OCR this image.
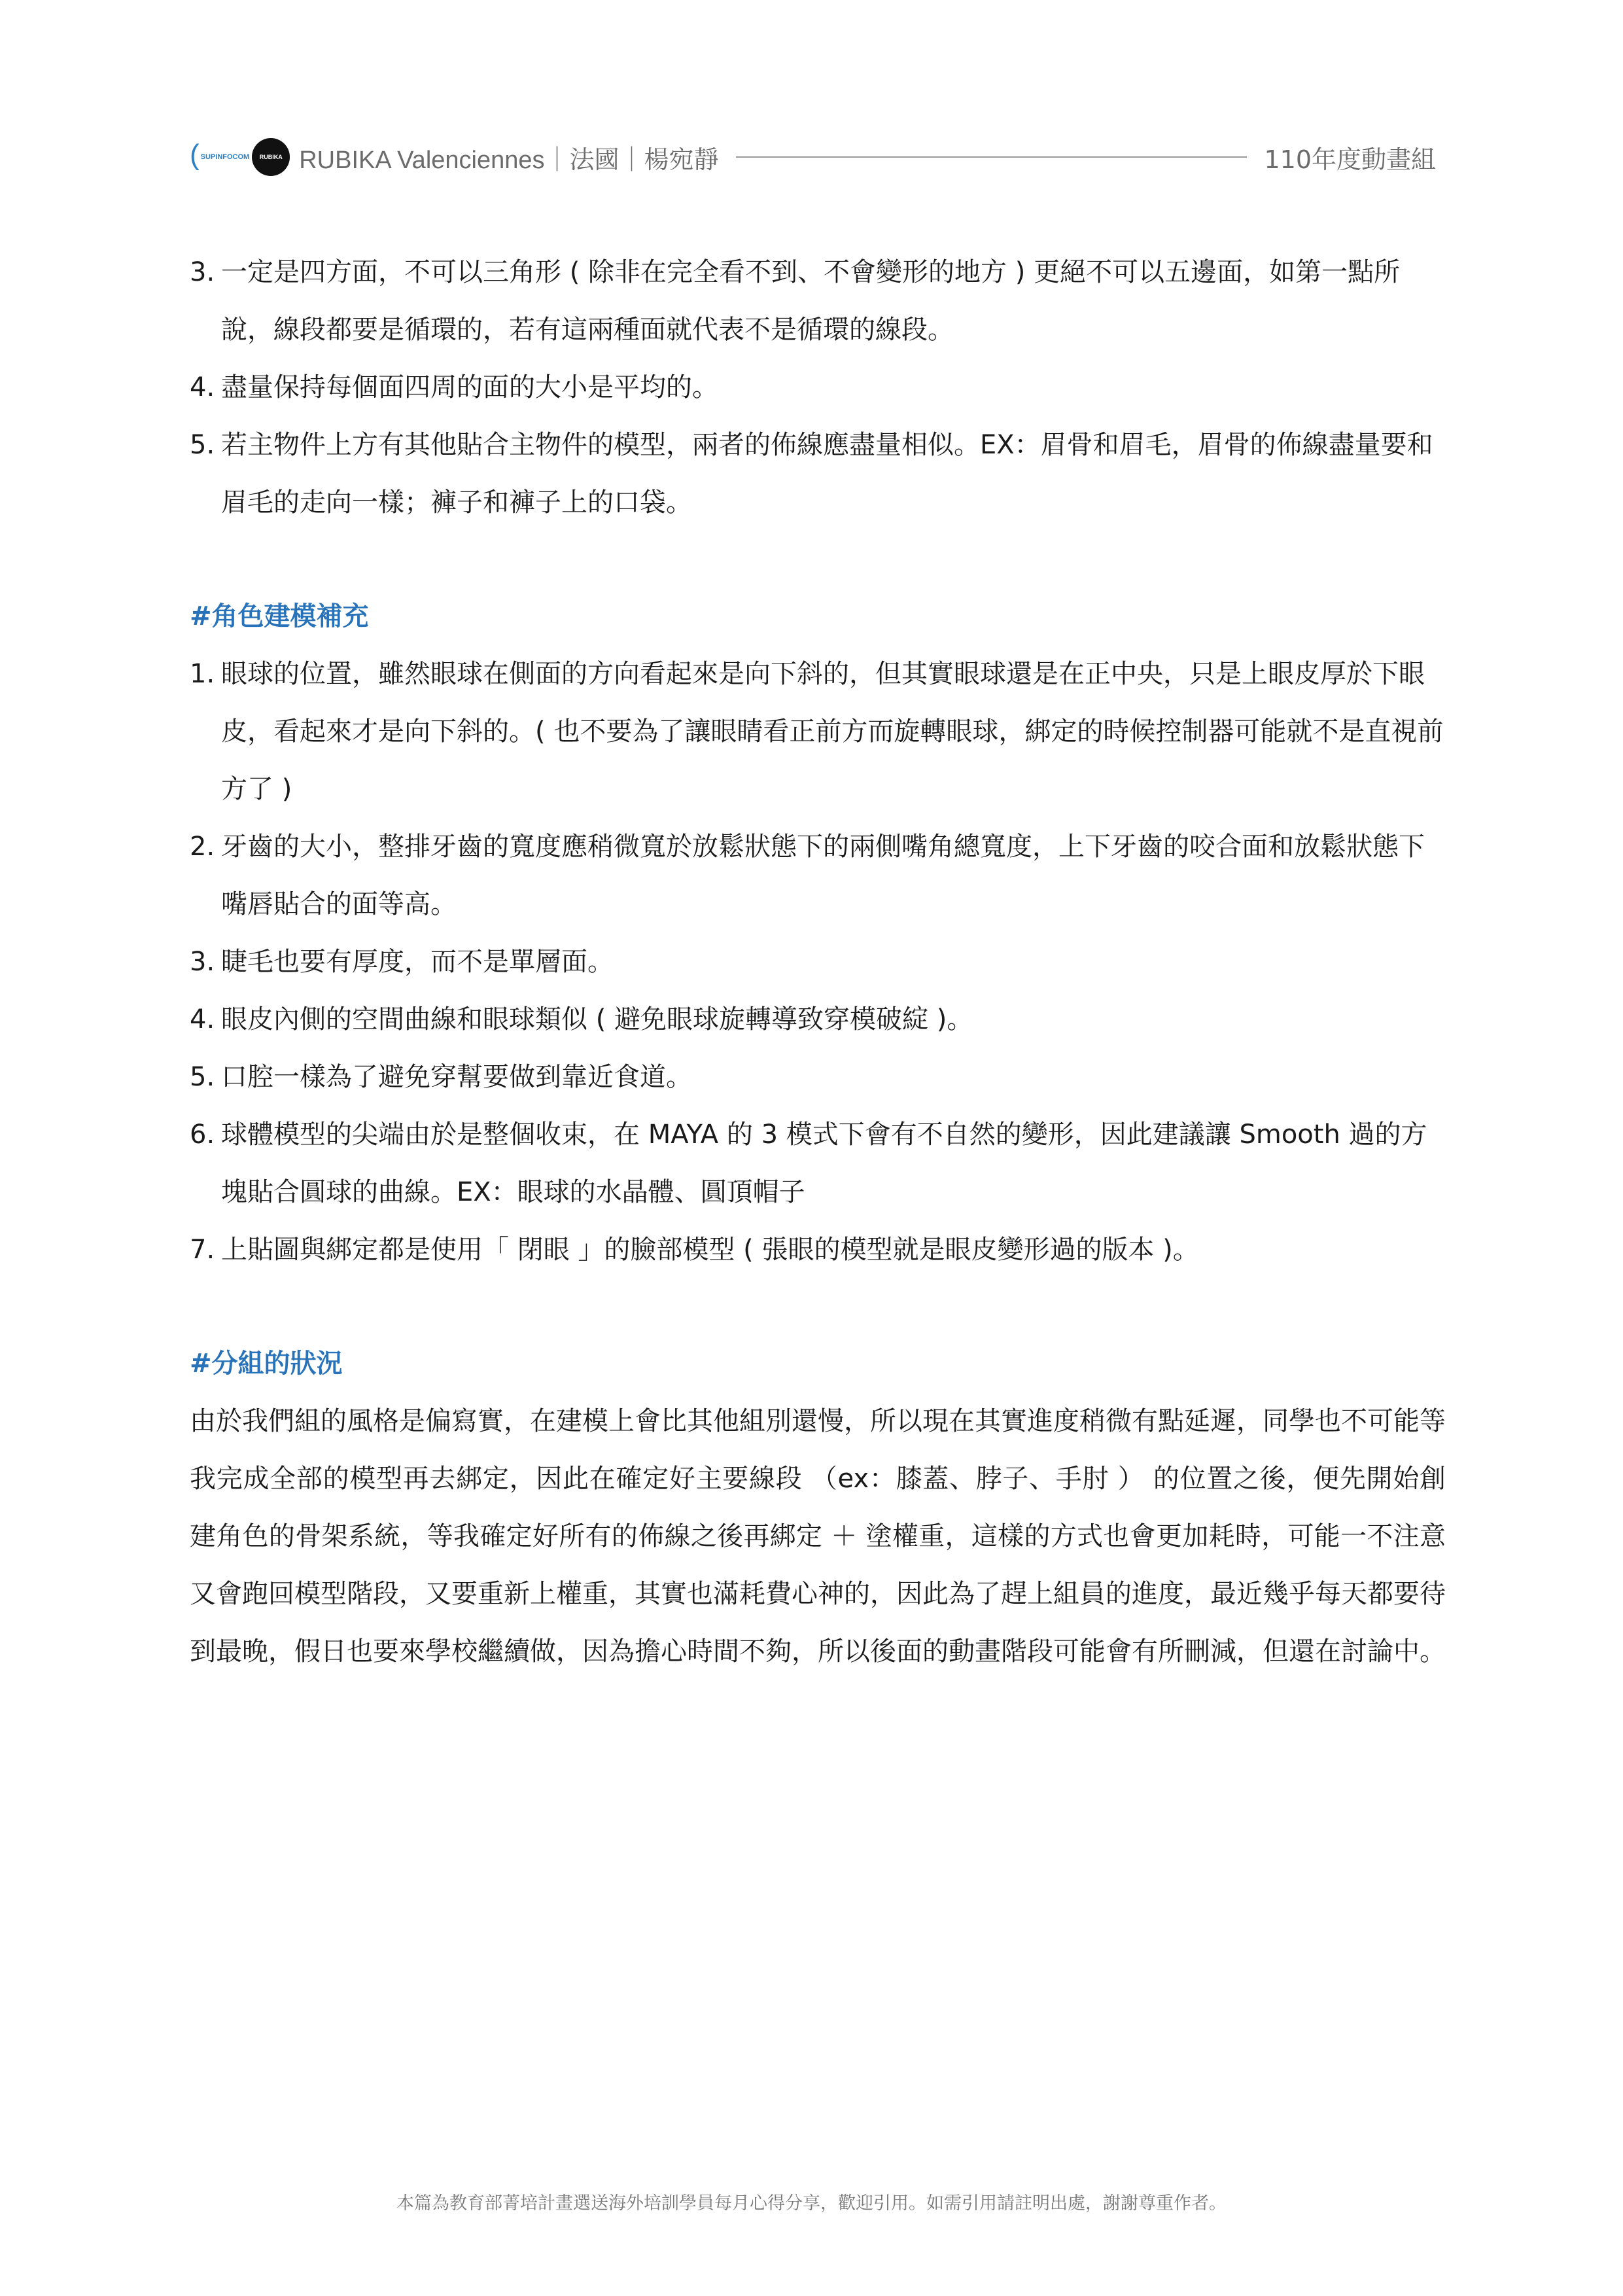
( SUPINFOCOM RUBIKA RUBIKA Valenciennes｜法國｜楊宛靜	110年度動畫組
3. 一定是四方面，不可以三角形 ( 除非在完全看不到、不會變形的地方 ) 更絕不可以五邊面，如第一點所說，線段都要是循環的，若有這兩種面就代表不是循環的線段。
4. 盡量保持每個面四周的面的大小是平均的。
5. 若主物件上方有其他貼合主物件的模型，兩者的佈線應盡量相似。EX：眉骨和眉毛，眉骨的佈線盡量要和眉毛的走向一樣；褲子和褲子上的口袋。
#角色建模補充
1. 眼球的位置，雖然眼球在側面的方向看起來是向下斜的，但其實眼球還是在正中央，只是上眼皮厚於下眼皮，看起來才是向下斜的。( 也不要為了讓眼睛看正前方而旋轉眼球，綁定的時候控制器可能就不是直視前方了 )
2. 牙齒的大小，整排牙齒的寬度應稍微寬於放鬆狀態下的兩側嘴角總寬度，上下牙齒的咬合面和放鬆狀態下嘴唇貼合的面等高。
3. 睫毛也要有厚度，而不是單層面。
4. 眼皮內側的空間曲線和眼球類似 ( 避免眼球旋轉導致穿模破綻 )。
5. 口腔一樣為了避免穿幫要做到靠近食道。
6. 球體模型的尖端由於是整個收束，在 MAYA 的 3 模式下會有不自然的變形，因此建議讓 Smooth 過的方塊貼合圓球的曲線。EX：眼球的水晶體、圓頂帽子
7. 上貼圖與綁定都是使用「 閉眼 」的臉部模型 ( 張眼的模型就是眼皮變形過的版本 )。
#分組的狀況
由於我們組的風格是偏寫實，在建模上會比其他組別還慢，所以現在其實進度稍微有點延遲，同學也不可能等我完成全部的模型再去綁定，因此在確定好主要線段 （ex：膝蓋、脖子、手肘 ） 的位置之後，便先開始創建角色的骨架系統，等我確定好所有的佈線之後再綁定 ＋ 塗權重，這樣的方式也會更加耗時，可能一不注意又會跑回模型階段，又要重新上權重，其實也滿耗費心神的，因此為了趕上組員的進度，最近幾乎每天都要待到最晚，假日也要來學校繼續做，因為擔心時間不夠，所以後面的動畫階段可能會有所刪減，但還在討論中。
本篇為教育部菁培計畫選送海外培訓學員每月心得分享，歡迎引用。如需引用請註明出處，謝謝尊重作者。
